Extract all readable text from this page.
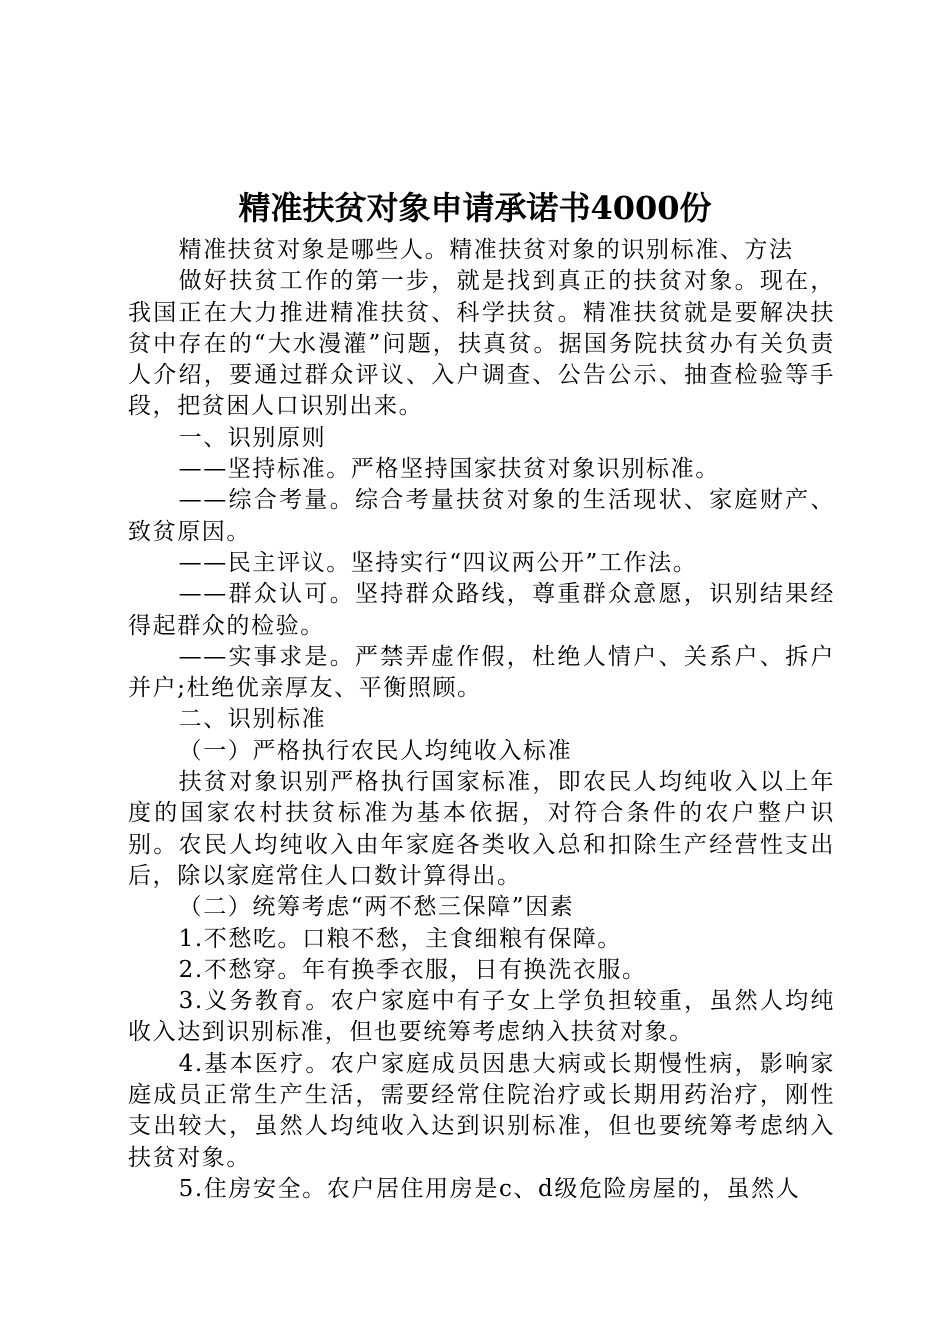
精准扶贫对象申请承诺书4000份

精准扶贫对象是哪些人。精准扶贫对象的识别标准、方法

做好扶贫工作的第一步，就是找到真正的扶贫对象。现在，我国正在大力推进精准扶贫、科学扶贫。精准扶贫就是要解决扶贫中存在的“大水漫灌”问题，扶真贫。据国务院扶贫办有关负责人介绍，要通过群众评议、入户调查、公告公示、抽查检验等手段，把贫困人口识别出来。

一、识别原则

——坚持标准。严格坚持国家扶贫对象识别标准。

——综合考量。综合考量扶贫对象的生活现状、家庭财产、致贫原因。

——民主评议。坚持实行“四议两公开”工作法。

——群众认可。坚持群众路线，尊重群众意愿，识别结果经得起群众的检验。

——实事求是。严禁弄虚作假，杜绝人情户、关系户、拆户并户;杜绝优亲厚友、平衡照顾。

二、识别标准

（一）严格执行农民人均纯收入标准

扶贫对象识别严格执行国家标准，即农民人均纯收入以上年度的国家农村扶贫标准为基本依据，对符合条件的农户整户识别。农民人均纯收入由年家庭各类收入总和扣除生产经营性支出后，除以家庭常住人口数计算得出。

（二）统筹考虑“两不愁三保障”因素

1.不愁吃。口粮不愁，主食细粮有保障。

2.不愁穿。年有换季衣服，日有换洗衣服。

3.义务教育。农户家庭中有子女上学负担较重，虽然人均纯收入达到识别标准，但也要统筹考虑纳入扶贫对象。

4.基本医疗。农户家庭成员因患大病或长期慢性病，影响家庭成员正常生产生活，需要经常住院治疗或长期用药治疗，刚性支出较大，虽然人均纯收入达到识别标准，但也要统筹考虑纳入扶贫对象。

5.住房安全。农户居住用房是c、d级危险房屋的，虽然人
